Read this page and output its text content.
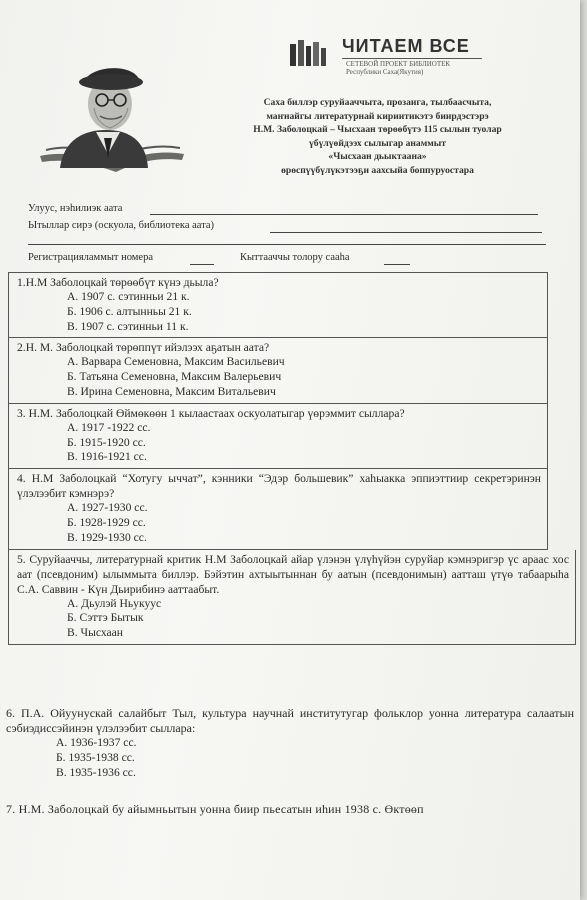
ЧИТАЕМ ВСЕ
СЕТЕВОЙ ПРОЕКТ БИБЛИОТЕК
Республики Саха(Якутия)
Саха биллэр суруйааччыта, прозаига, тылбаасчыта,
маҥнайгы литературнай кириитикэтэ биирдэстэрэ
Н.М. Заболоцкай – Чысхаан төрөөбүтэ 115 сылын туолар
үбүлүөйдээх сылыгар анаммыт
«Чысхаан дьыктаана»
өрөспүүбүлүкэтээҕи аахсыйа боппуруостара
Улуус, нэһилиэк аата
Ытыллар сирэ (оскуола, библиотека аата)
Регистрацияламмыт номера	Кыттааччы толору сааһа
1.Н.М Заболоцкай төрөөбүт күнэ дьыла?
А. 1907 с. сэтинньи 21 к.
Б. 1906 с. алтынньы 21 к.
В. 1907 с. сэтинньи 11 к.
2.Н. М. Заболоцкай төрөппүт ийэлээх аҕатын аата?
А. Варвара Семеновна, Максим Васильевич
Б. Татьяна Семеновна, Максим Валерьевич
В. Ирина Семеновна, Максим Витальевич
3. Н.М. Заболоцкай Өймөкөөн 1 кылаастаах оскуолатыгар үөрэммит сыллара?
А. 1917 -1922 сс.
Б. 1915-1920 сс.
В. 1916-1921 сс.
4. Н.М Заболоцкай “Хотугу ыччат”, кэнники “Эдэр большевик” хаһыакка эппиэттиир секретэринэн үлэлээбит кэмнэрэ?
А. 1927-1930 сс.
Б. 1928-1929 сс.
В. 1929-1930 сс.
5. Суруйааччы, литературнай критик Н.М Заболоцкай айар үлэнэн үлүһүйэн суруйар кэмнэригэр үс араас хос аат (псевдоним) ылыммыта биллэр. Бэйэтин ахтыытыннан бу аатын (псевдонимын) аатташ үтүө табаарыһа С.А. Саввин - Күн Дьирибинэ ааттаабыт.
А. Дьулэй Ньукуус
Б. Сэттэ Бытык
В. Чысхаан
6. П.А. Ойуунускай салайбыт Тыл, культура научнай институтугар фольклор уонна литература салаатын сэбиэдиссэйинэн үлэлээбит сыллара:
А. 1936-1937 сс.
Б. 1935-1938 сс.
В. 1935-1936 сс.
7. Н.М. Заболоцкай бу айымньытын уонна биир пьесатын иһин 1938 с. Өктөөп
